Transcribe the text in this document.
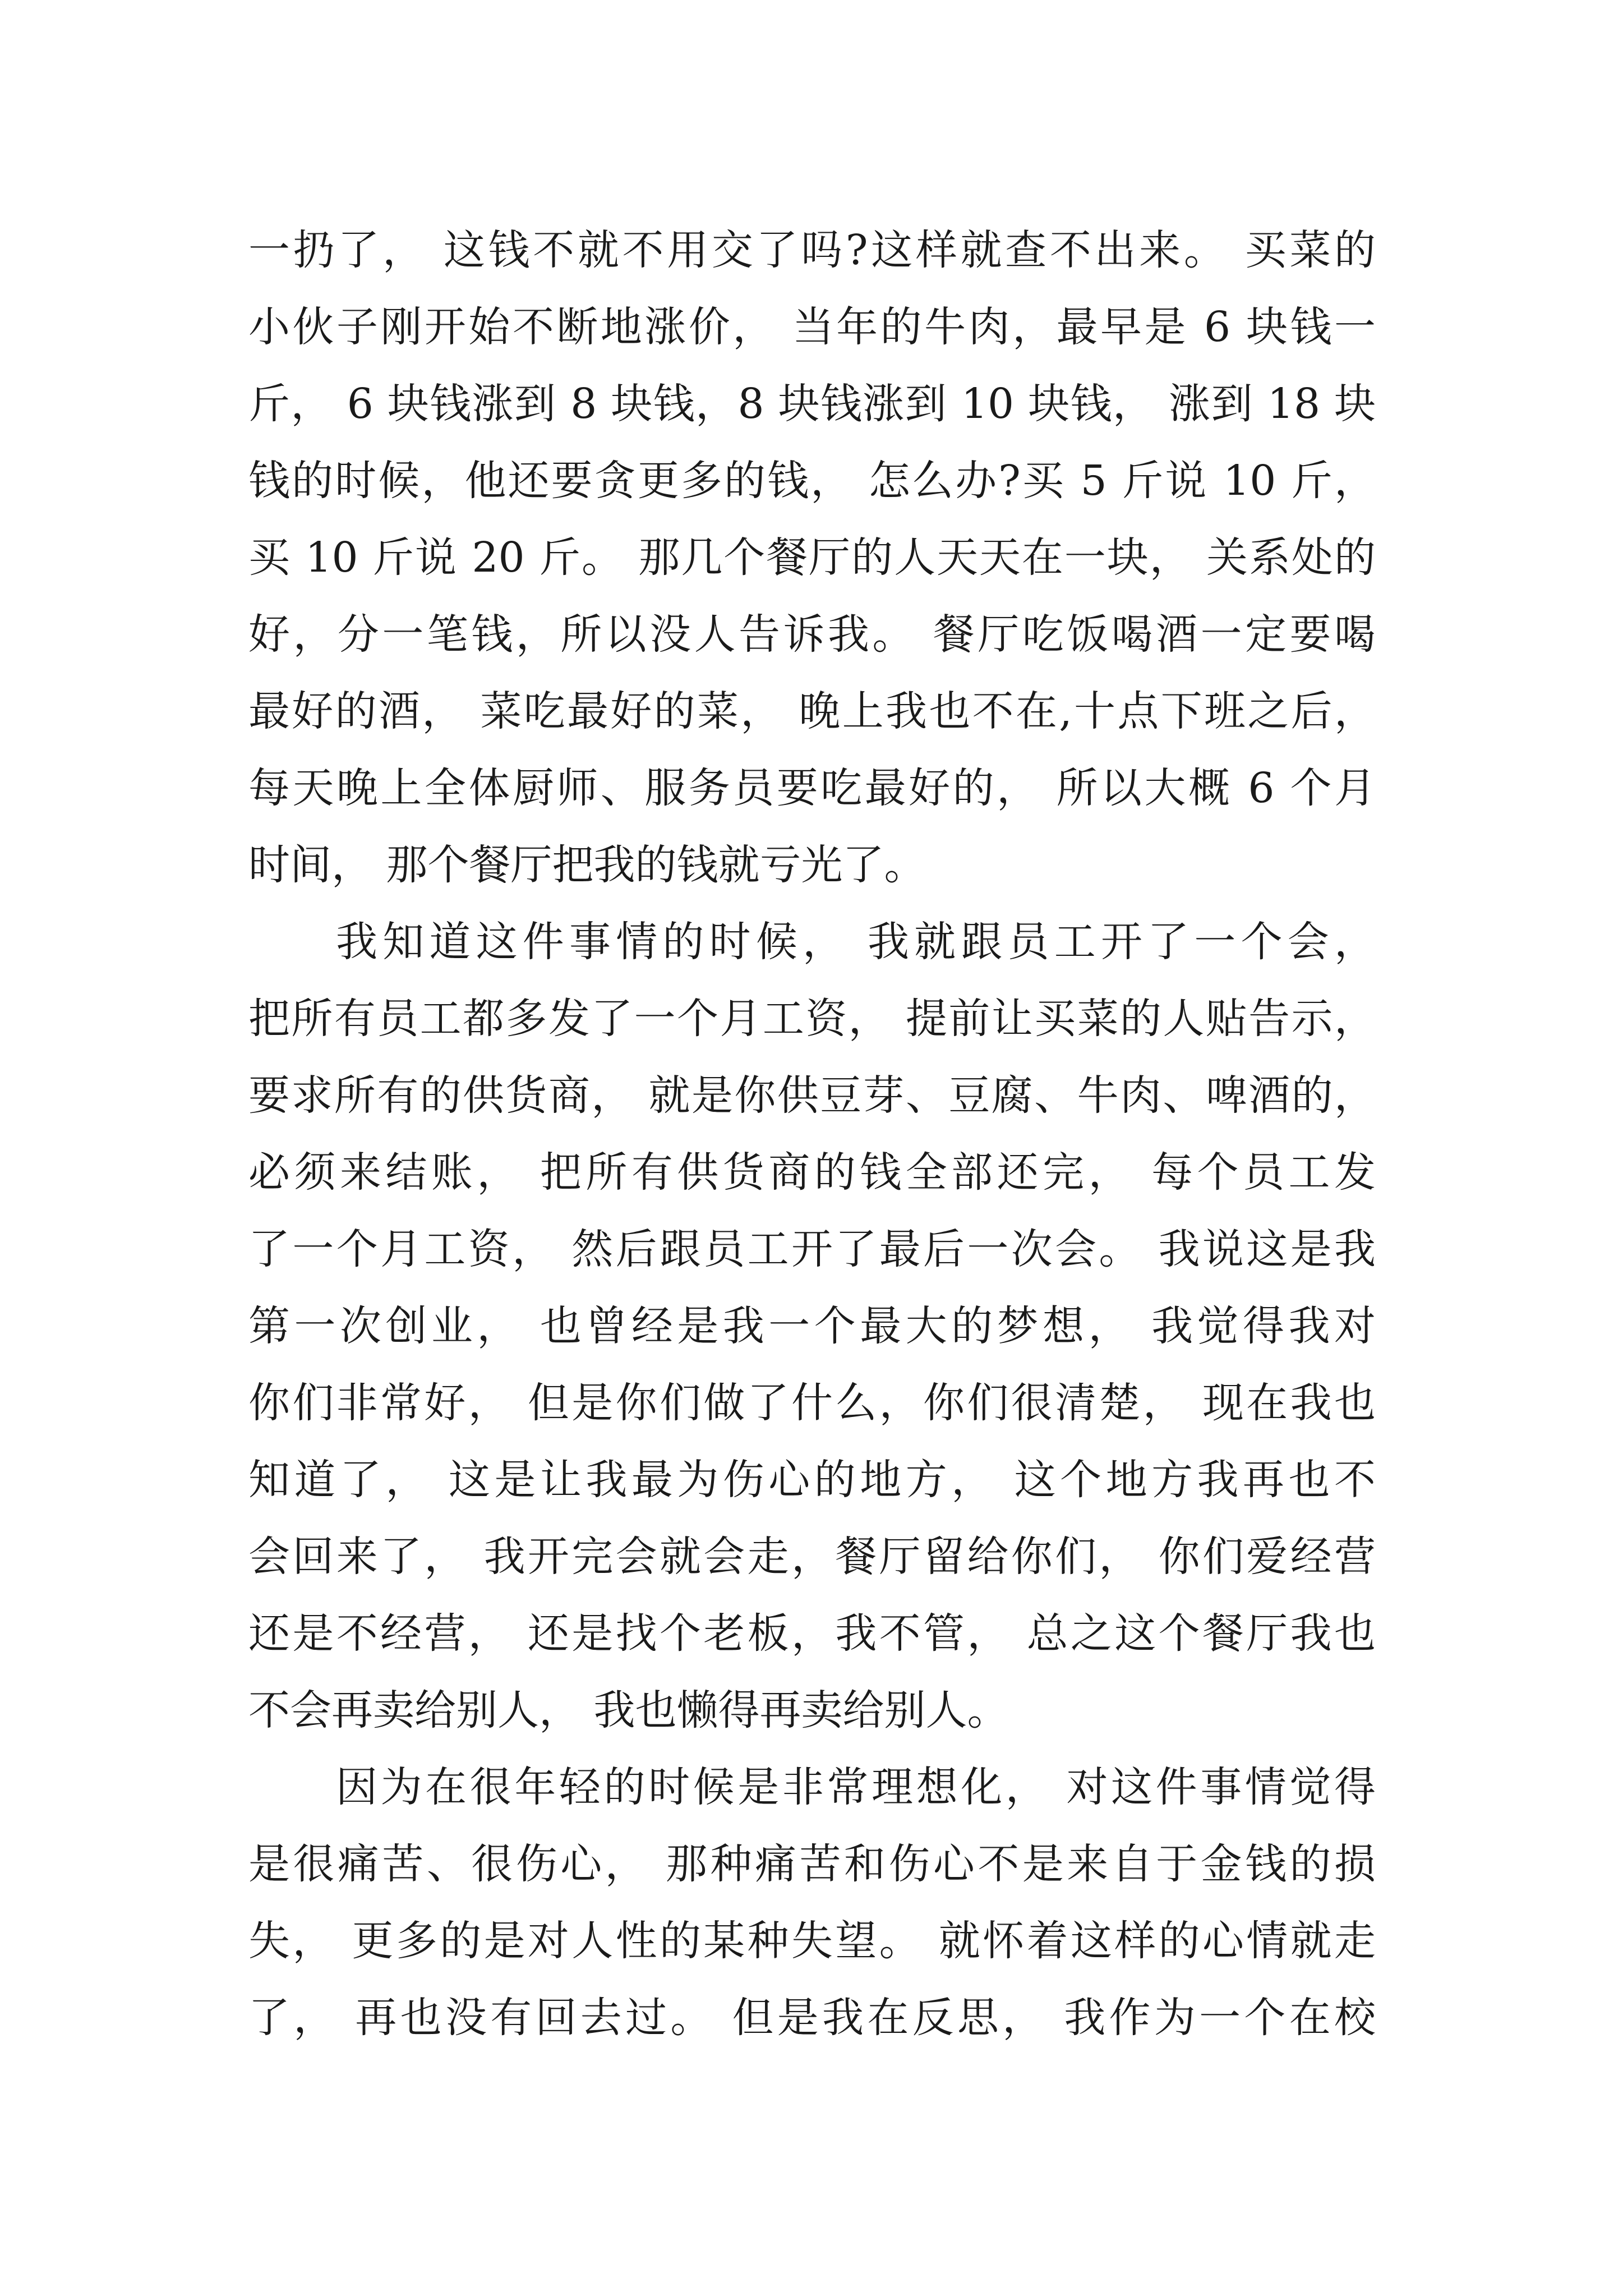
一扔了， 这钱不就不用交了吗?这样就查不出来。 买菜的
小伙子刚开始不断地涨价， 当年的牛肉，最早是 6 块钱一
斤， 6 块钱涨到 8 块钱，8 块钱涨到 10 块钱， 涨到 18 块
钱的时候，他还要贪更多的钱， 怎么办?买 5 斤说 10 斤，
买 10 斤说 20 斤。 那几个餐厅的人天天在一块， 关系处的
好，分一笔钱，所以没人告诉我。 餐厅吃饭喝酒一定要喝
最好的酒， 菜吃最好的菜， 晚上我也不在,十点下班之后，
每天晚上全体厨师、服务员要吃最好的， 所以大概 6 个月
时间， 那个餐厅把我的钱就亏光了。
我知道这件事情的时候， 我就跟员工开了一个会，
把所有员工都多发了一个月工资， 提前让买菜的人贴告示，
要求所有的供货商， 就是你供豆芽、豆腐、牛肉、啤酒的，
必须来结账， 把所有供货商的钱全部还完， 每个员工发
了一个月工资， 然后跟员工开了最后一次会。 我说这是我
第一次创业， 也曾经是我一个最大的梦想， 我觉得我对
你们非常好， 但是你们做了什么，你们很清楚， 现在我也
知道了， 这是让我最为伤心的地方， 这个地方我再也不
会回来了， 我开完会就会走，餐厅留给你们， 你们爱经营
还是不经营， 还是找个老板，我不管， 总之这个餐厅我也
不会再卖给别人， 我也懒得再卖给别人。
因为在很年轻的时候是非常理想化， 对这件事情觉得
是很痛苦、很伤心， 那种痛苦和伤心不是来自于金钱的损
失， 更多的是对人性的某种失望。 就怀着这样的心情就走
了， 再也没有回去过。 但是我在反思， 我作为一个在校
